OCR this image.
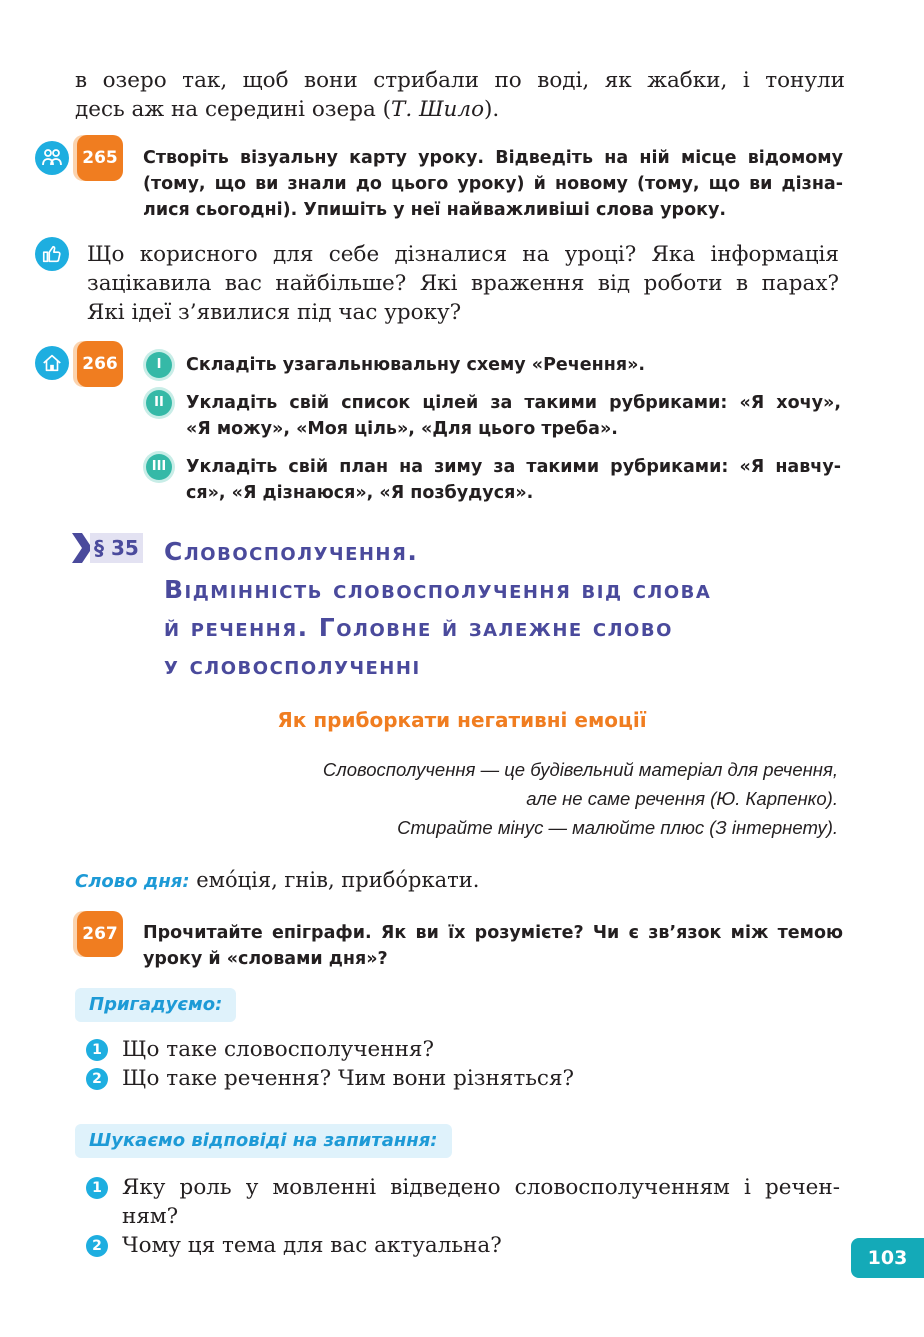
в озеро так, щоб вони стрибали по воді, як жабки, і тонули
десь аж на середині озера (Т. Шило).
265	Створіть візуальну карту уроку. Відведіть на ній місце відомому
(тому, що ви знали до цього уроку) й новому (тому, що ви дізна-
лися сьогодні). Упишіть у неї найважливіші слова уроку.
Що корисного для себе дізналися на уроці? Яка інформація
зацікавила вас найбільше? Які враження від роботи в парах?
Які ідеї з’явилися під час уроку?
266	I	Складіть узагальнювальну схему «Речення».
II	Укладіть свій список цілей за такими рубриками: «Я хочу»,
«Я можу», «Моя ціль», «Для цього треба».
III	Укладіть свій план на зиму за такими рубриками: «Я навчу-
ся», «Я дізнаюся», «Я позбудуся».
§ 35 Словосполучення.
Відмінність словосполучення від слова
й речення. Головне й залежне слово
у словосполученні
Як приборкати негативні емоції
Словосполучення — це будівельний матеріал для речення,
але не саме речення (Ю. Карпенко).
Стирайте мінус — малюйте плюс (З інтернету).
Слово дня: емо́ція, гнів, прибо́ркати.
267	Прочитайте епіграфи. Як ви їх розумієте? Чи є зв’язок між темою
уроку й «словами дня»?
Пригадуємо:
1 Що таке словосполучення?
2 Що таке речення? Чим вони різняться?
Шукаємо відповіді на запитання:
1 Яку роль у мовленні відведено словосполученням і речен-
ням?
2 Чому ця тема для вас актуальна?	103
